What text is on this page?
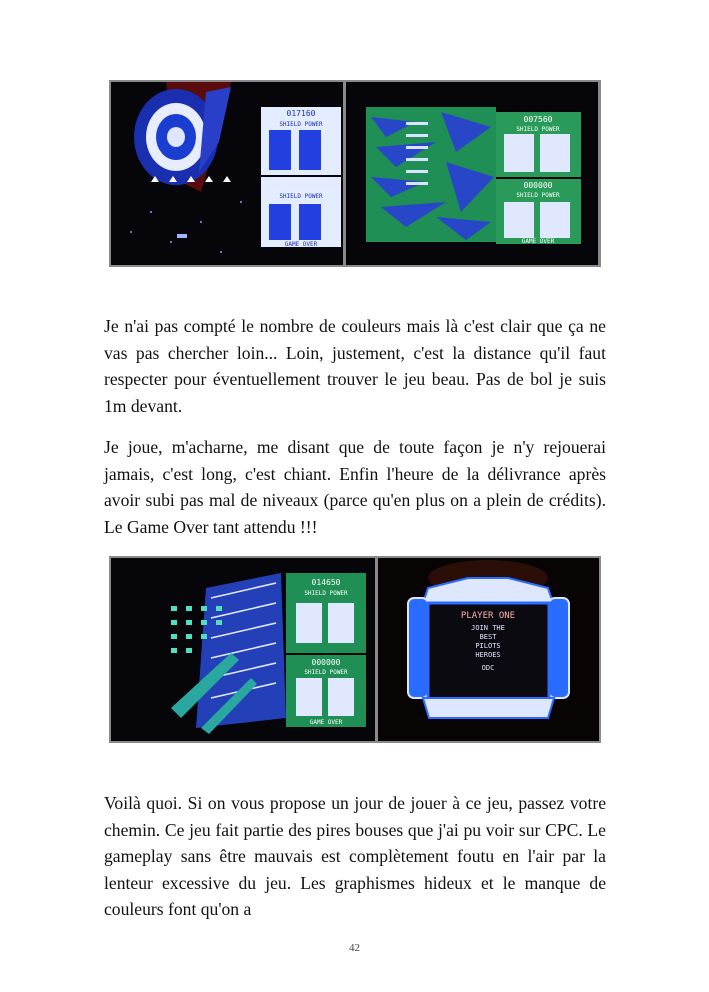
017160
SHIELD POWER
SHIELD POWER
GAME OVER
007560
SHIELD POWER
000000
SHIELD POWER
GAME OVER

Je n'ai pas compté le nombre de couleurs mais là c'est clair que ça ne vas pas chercher loin... Loin, justement, c'est la distance qu'il faut respecter pour éventuellement trouver le jeu beau. Pas de bol je suis 1m devant.

Je joue, m'acharne, me disant que de toute façon je n'y rejouerai jamais, c'est long, c'est chiant. Enfin l'heure de la délivrance après avoir subi pas mal de niveaux (parce qu'en plus on a plein de crédits). Le Game Over tant attendu !!!

014650
SHIELD POWER
000000
SHIELD POWER
GAME OVER
PLAYER ONE
JOIN THE
BEST
PILOTS
HEROES
ODC

Voilà quoi. Si on vous propose un jour de jouer à ce jeu, passez votre chemin. Ce jeu fait partie des pires bouses que j'ai pu voir sur CPC. Le gameplay sans être mauvais est complètement foutu en l'air par la lenteur excessive du jeu. Les graphismes hideux et le manque de couleurs font qu'on a

42
